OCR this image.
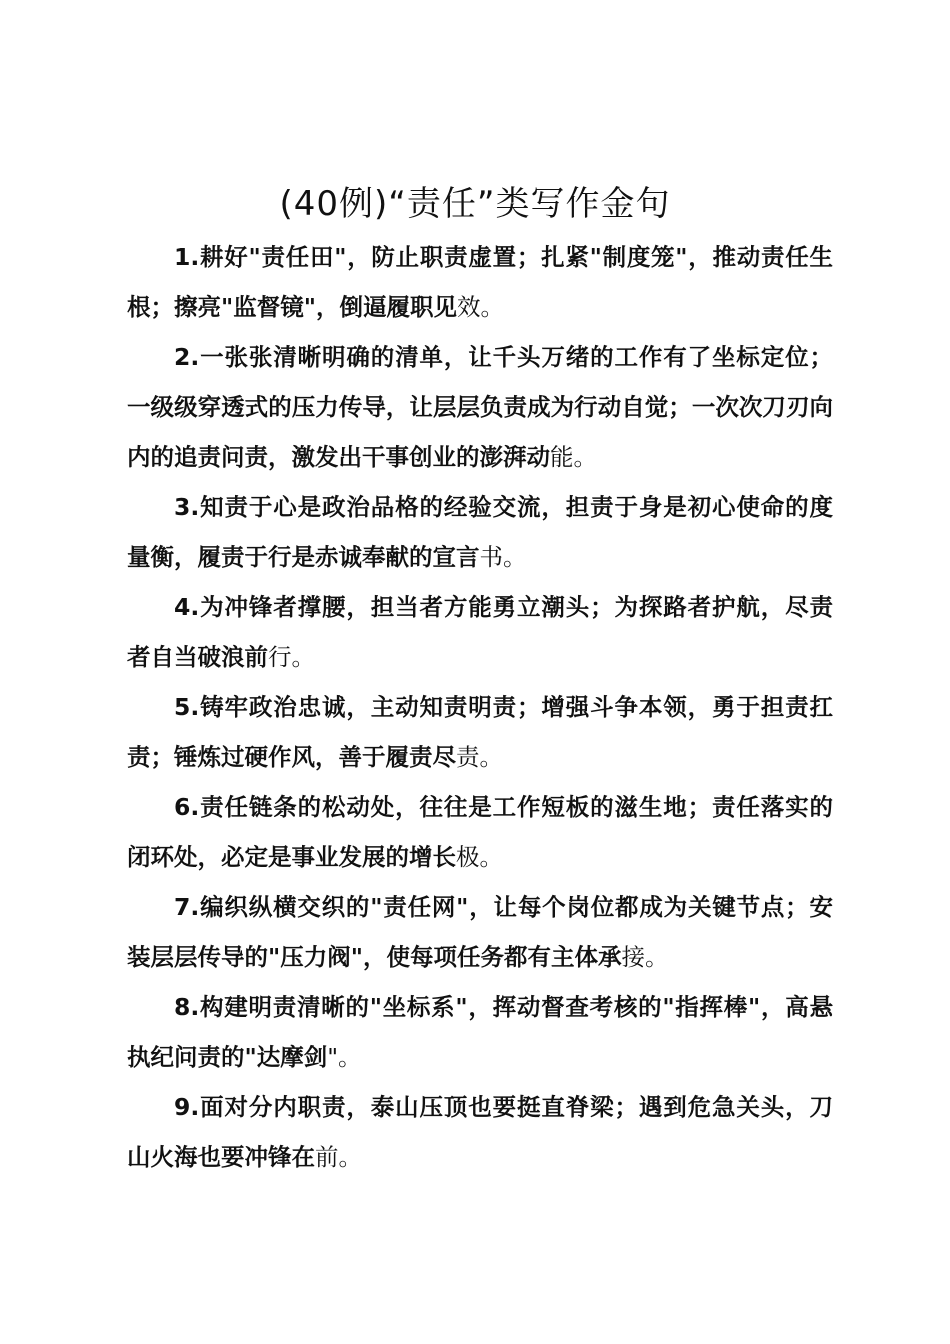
(40例)“责任”类写作金句

1.耕好"责任田"，防止职责虚置；扎紧"制度笼"，推动责任生根；擦亮"监督镜"，倒逼履职见效。

2.一张张清晰明确的清单，让千头万绪的工作有了坐标定位；一级级穿透式的压力传导，让层层负责成为行动自觉；一次次刀刃向内的追责问责，激发出干事创业的澎湃动能。

3.知责于心是政治品格的经验交流，担责于身是初心使命的度量衡，履责于行是赤诚奉献的宣言书。

4.为冲锋者撑腰，担当者方能勇立潮头；为探路者护航，尽责者自当破浪前行。

5.铸牢政治忠诚，主动知责明责；增强斗争本领，勇于担责扛责；锤炼过硬作风，善于履责尽责。

6.责任链条的松动处，往往是工作短板的滋生地；责任落实的闭环处，必定是事业发展的增长极。

7.编织纵横交织的"责任网"，让每个岗位都成为关键节点；安装层层传导的"压力阀"，使每项任务都有主体承接。

8.构建明责清晰的"坐标系"，挥动督查考核的"指挥棒"，高悬执纪问责的"达摩剑"。

9.面对分内职责，泰山压顶也要挺直脊梁；遇到危急关头，刀山火海也要冲锋在前。
